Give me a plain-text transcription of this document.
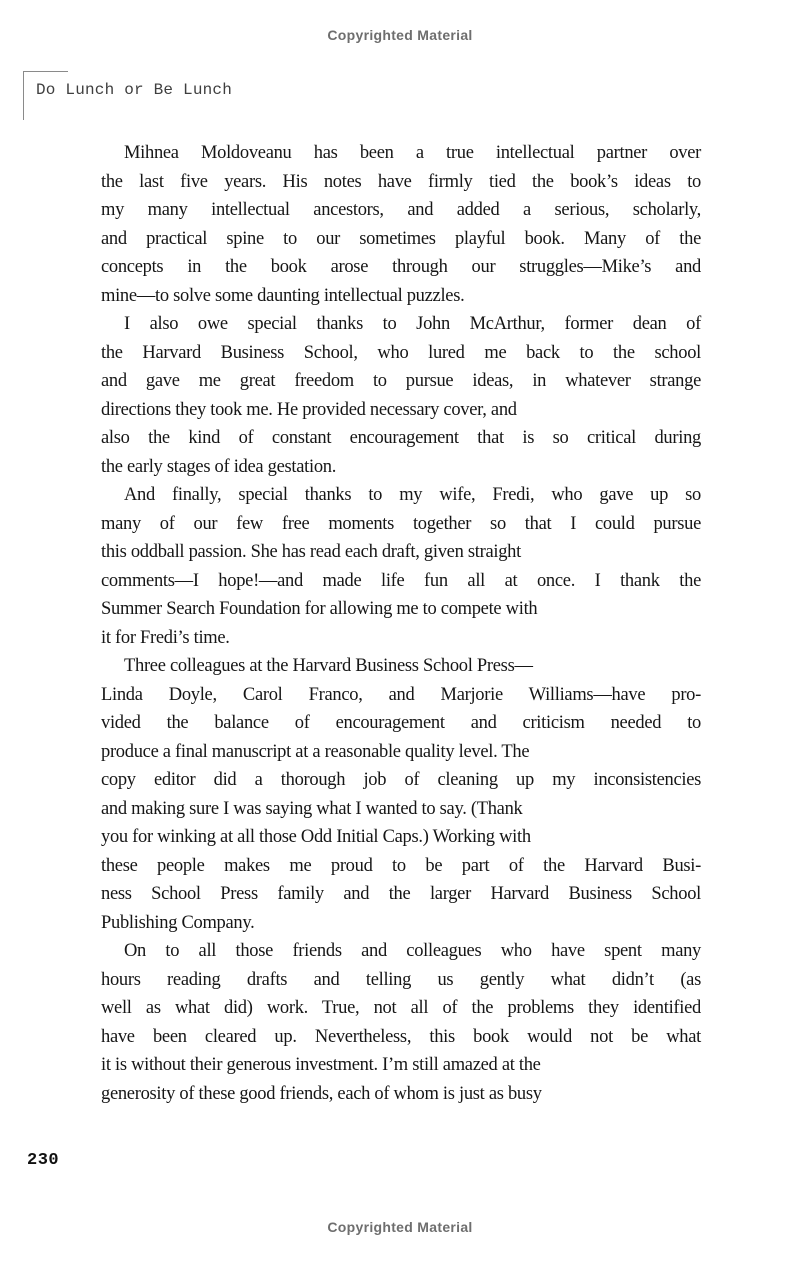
Copyrighted Material
Do Lunch or Be Lunch
Mihnea Moldoveanu has been a true intellectual partner over
the last five years. His notes have firmly tied the book’s ideas to
my many intellectual ancestors, and added a serious, scholarly,
and practical spine to our sometimes playful book. Many of the
concepts in the book arose through our struggles—Mike’s and
mine—to solve some daunting intellectual puzzles.
I also owe special thanks to John McArthur, former dean of
the Harvard Business School, who lured me back to the school
and gave me great freedom to pursue ideas, in whatever strange
directions they took me. He provided necessary cover, and
also the kind of constant encouragement that is so critical during
the early stages of idea gestation.
And finally, special thanks to my wife, Fredi, who gave up so
many of our few free moments together so that I could pursue
this oddball passion. She has read each draft, given straight
comments—I hope!—and made life fun all at once. I thank the
Summer Search Foundation for allowing me to compete with
it for Fredi’s time.
Three colleagues at the Harvard Business School Press—
Linda Doyle, Carol Franco, and Marjorie Williams—have pro-
vided the balance of encouragement and criticism needed to
produce a final manuscript at a reasonable quality level. The
copy editor did a thorough job of cleaning up my inconsistencies
and making sure I was saying what I wanted to say. (Thank
you for winking at all those Odd Initial Caps.) Working with
these people makes me proud to be part of the Harvard Busi-
ness School Press family and the larger Harvard Business School
Publishing Company.
On to all those friends and colleagues who have spent many
hours reading drafts and telling us gently what didn’t (as
well as what did) work. True, not all of the problems they identified
have been cleared up. Nevertheless, this book would not be what
it is without their generous investment. I’m still amazed at the
generosity of these good friends, each of whom is just as busy
230
Copyrighted Material
